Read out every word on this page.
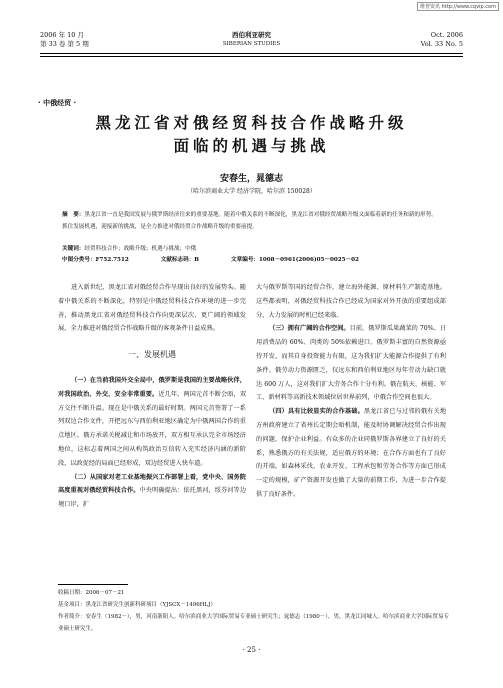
维普资讯 http://www.cqvip.com
2006 年 10 月
第 33 卷 第 5 期
西伯利亚研究
SIBERIAN STUDIES
Oct. 2006
Vol. 33 No. 5
· 中俄经贸 ·
黑龙江省对俄经贸科技合作战略升级
面临的机遇与挑战
安春生，晁德志
（哈尔滨商业大学 经济学院，哈尔滨 150028）
摘　要：黑龙江省一直是我国发展与俄罗斯经济往来的重要基地。随着中俄关系的不断深化，黑龙江省对俄经贸战略升级又面临着新的任务和新的形势。抓住发展机遇，迎接新的挑战，是全力推进对俄经贸合作战略升级的重要前提。
关键词：经贸科技合作；战略升级；机遇与挑战；中俄
中图分类号：F752.7512	文献标志码：B	文章编号：1008－0961(2006)05－0025－02

进入新世纪，黑龙江省对俄经贸合作呈现出良好的发展势头。随着中俄关系的不断深化，特别是中俄经贸科技合作环境的进一步完善，推动黑龙江省对俄经贸科技合作向更深层次、更广阔的领域发展，全力推进对俄经贸合作战略升级的客观条件日益成熟。

一、发展机遇

（一）在当前我国外交全局中，俄罗斯是我国的主要战略伙伴，对我国政治、外交、安全非常重要。近几年，两国元首不断会晤，双方交往不断升温。现在是中俄关系的最好时期。两国元首签署了一系列双边合作文件，开把远东与西伯利亚地区确定为中俄两国合作的重点地区。俄方承诺关税减让和市场放开，双方相互承认完全市场经济地位，这标志着两国之间从构筑政治互信转入充实经济内涵的新阶段，以政促经的局面已经形成，双边经贸进入快车道。

（二）从国家对老工业基地振兴工作部署上看，党中央、国务院高度重视对俄经贸科技合作。中央明确提出：依托黑河，绥芬河等边境口岸，扩

大与俄罗斯等国的经贸合作，建立海外能源、原材料生产制造基地。这些都表明，对俄经贸科技合作已经成为国家对外开放的重要组成部分，大力发展的时机已经来临。

（三）拥有广阔的合作空间。目前，俄罗斯瓜果蔬菜的 70%、日用消费品的 60%、肉类的 50%依赖进口。俄罗斯丰富的自然资源亟待开发，而其自身投资能力有限，这为我们扩大能源合作提供了有利条件。俄劳动力资源匮乏，仅远东和西伯利亚地区每年劳动力缺口就达 600 万人，这对我们扩大劳务合作十分有利。俄在航天、核能、军工、新材料等高新技术领域位居世界前列，中俄合作空间也很大。

（四）具有比较显实的合作基础。黑龙江省已与过邻的俄有关地方州政府建立了省州长定期会晤机制，能及时协调解决经贸合作出现的问题，保护企业利益。有众多的企业同俄罗斯各界建立了良好的关系，熟悉俄方的有关法规，适应俄方的环境；在合作方面也有了良好的开端，如森林采伐、农业开发、工程承包和劳务合作等方面已形成一定的规模，矿产资源开发也做了大量的前期工作，为进一步合作提供了良好条件。

收稿日期：2006－07－21
基金项目：黑龙江省研究生创新科研项目（YJSCX－1496HLJ）
作者简介：安春生（1982－），男，河南浙阳人。哈尔滨商业大学国际贸易专业硕士研究生；晁德志（1980－），男，黑龙江同城人。哈尔滨商业大学国际贸易专业硕士研究生。
· 25 ·
